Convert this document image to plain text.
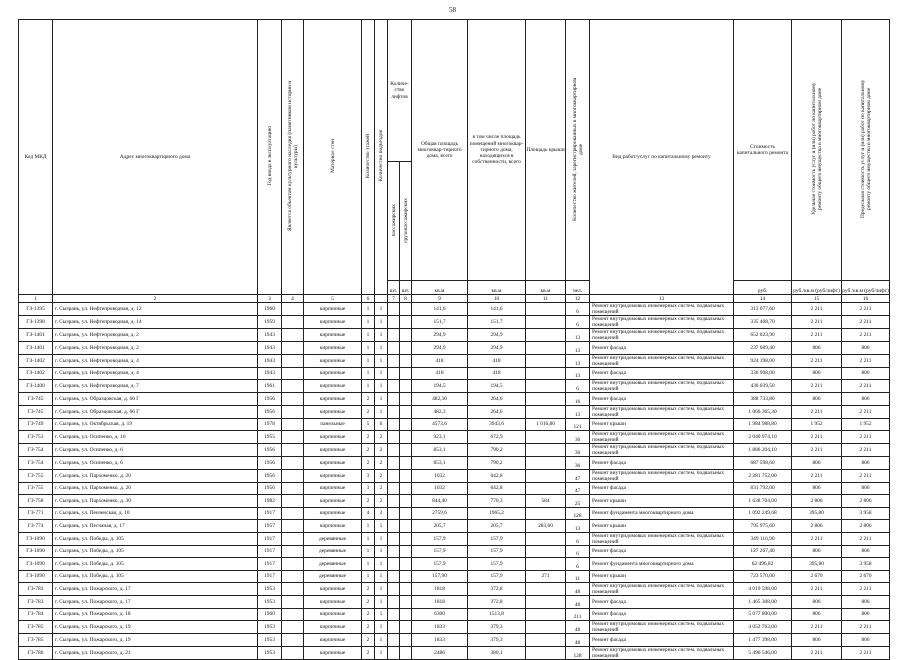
58
Код МКД	Адрес многоквартирного дома	Год ввода в эксплуатацию	Является объектом культурного наследия (памятником истории и культуры)	Материал стен	Количество этажей	Количество подъездов	Количе-ство лифтов		Общая площадь многоквар-тирного дома, всего	в том числе площадь помещений многоквар-тирного дома, находящихся в собственности, всего	Площадь крыши	Количество жителей, зарегистрированных в многоквартирном доме	Вид работ/услуг по капитальному ремонту	Стоимость капитального ремонта	Удельная стоимость услуг и (или) работ по капитальному ремонту общего имущества в многоквартирном доме	Предельная стоимость услуг и (или) работ по капитальному ремонту общего имущества в многоквартирном доме
							пассажирских	грузопассажирских								
							шт.	шт.	кв.м	кв.м	кв.м	чел.		руб.	руб./кв.м (руб/лифт)	руб./кв.м (руб/лифт)
1	2	3	4	5	6		7	8	9	10	11	12	13	14	15	16
ГЗ-1395	г. Сызрань, ул. Нефтепроводная, д. 12	1960		кирпичные	1	1			141,6	141,6		6	Ремонт внутридомовых инженерных систем, подвальных помещений	313 077,60	2 211	2 211
ГЗ-1398	г. Сызрань, ул. Нефтепроводная, д. 14	1959		кирпичные	1	1			151,7	151,7		6	Ремонт внутридомовых инженерных систем, подвальных помещений	335 408,70	2 211	2 211
ГЗ-1401	г. Сызрань, ул. Нефтепроводная, д. 2	1943		кирпичные	1	1			294,9	294,9		13	Ремонт внутридомовых инженерных систем, подвальных помещений	652 023,90	2 211	2 211
ГЗ-1401	г. Сызрань, ул. Нефтепроводная, д. 2	1943		кирпичные	1	1			294,9	294,9		13	Ремонт фасада	237 689,40	806	806
ГЗ-1402	г. Сызрань, ул. Нефтепроводная, д. 4	1943		кирпичные	1	1			418	418		13	Ремонт внутридомовых инженерных систем, подвальных помещений	924 198,00	2 211	2 211
ГЗ-1402	г. Сызрань, ул. Нефтепроводная, д. 4	1943		кирпичные	1	1			418	418		13	Ремонт фасада	336 908,00	806	806
ГЗ-1400	г. Сызрань, ул. Нефтепроводная, д. 7	1961		кирпичные	1	1			194,5	194,5		6	Ремонт внутридомовых инженерных систем, подвальных помещений	430 039,50	2 211	2 211
ГЗ-745	г. Сызрань, ул. Образцовская, д. 66 Г	1956		кирпичные	2	1			482,30	264,6		16	Ремонт фасада	388 733,80	806	806
ГЗ-745	г. Сызрань, ул. Образцовская, д. 66 Г	1956		кирпичные	2	1			482,3	264,6		13	Ремонт внутридомовых инженерных систем, подвальных помещений	1 066 365,30	2 211	2 211
ГЗ-749	г. Сызрань, ул. Октябрьская, д. 19	1978		панельные	5	6			4573,6	3943,6	1 016,80	121	Ремонт крыши	1 984 988,80	1 952	1 952
ГЗ-753	г. Сызрань, ул. Осипенко, д. 16	1955		кирпичные	2	2			923,1	672,9		36	Ремонт внутридомовых инженерных систем, подвальных помещений	2 040 974,10	2 211	2 211
ГЗ-754	г. Сызрань, ул. Осипенко, д. 6	1956		кирпичные	2	2			853,1	790,2		36	Ремонт внутридомовых инженерных систем, подвальных помещений	1 886 204,10	2 211	2 211
ГЗ-754	г. Сызрань, ул. Осипенко, д. 6	1956		кирпичные	2	2			853,1	790,2		36	Ремонт фасада	687 598,60	806	806
ГЗ-755	г. Сызрань, ул. Пархоменко, д. 20	1956		кирпичные	3	2			1032	642,8		47	Ремонт внутридомовых инженерных систем, подвальных помещений	2 281 752,00	2 211	2 211
ГЗ-755	г. Сызрань, ул. Пархоменко, д. 20	1956		кирпичные	3	2			1032	642,8		47	Ремонт фасада	831 792,00	806	806
ГЗ-758	г. Сызрань, ул. Пархоменко, д. 30	1982		кирпичные	2	2			844,40	770,3	584	25	Ремонт крыши	1 638 704,00	2 806	2 806
ГЗ-771	г. Сызрань, ул. Пензенская, д. 10	1917		кирпичные	4	2			2759,6	1965,2		128	Ремонт фундамента многоквартирного дома	1 092 249,68	395,80	3 958
ГЗ-774	г. Сызрань, ул. Песчаная, д. 17	1957		кирпичные	1	1			205,7	205,7	283,60	13	Ремонт крыши	795 975,60	2 806	2 806
ГЗ-1090	г. Сызрань, ул. Победы, д. 105	1917		деревянные	1	1			157,9	157,9		6	Ремонт внутридомовых инженерных систем, подвальных помещений	349 116,90	2 211	2 211
ГЗ-1090	г. Сызрань, ул. Победы, д. 105	1917		деревянные	1	1			157,9	157,9		6	Ремонт фасада	127 267,40	806	806
ГЗ-1090	г. Сызрань, ул. Победы, д. 105	1917		деревянные	1	1			157,9	157,9		6	Ремонт фундамента многоквартирного дома	62 496,82	395,80	3 958
ГЗ-1090	г. Сызрань, ул. Победы, д. 105	1917		деревянные	1	1			157,90	157,9	271	11	Ремонт крыши	723 570,00	2 670	2 670
ГЗ-783	г. Сызрань, ул. Пожарского, д. 17	1953		кирпичные	2	1			1818	372,8		48	Ремонт внутридомовых инженерных систем, подвальных помещений	4 019 598,00	2 211	2 211
ГЗ-783	г. Сызрань, ул. Пожарского, д. 17	1953		кирпичные	2	1			1818	372,8		48	Ремонт фасада	1 465 308,00	806	806
ГЗ-784	г. Сызрань, ул. Пожарского, д. 18	1960		кирпичные	2	1			6300	1513,8		211	Ремонт фасада	5 077 800,00	806	806
ГЗ-785	г. Сызрань, ул. Пожарского, д. 19	1953		кирпичные	2	1			1833	379,3		48	Ремонт внутридомовых инженерных систем, подвальных помещений	4 052 763,00	2 211	2 211
ГЗ-785	г. Сызрань, ул. Пожарского, д. 19	1953		кирпичные	2	1			1833	379,3		48	Ремонт фасада	1 477 398,00	806	806
ГЗ-786	г. Сызрань, ул. Пожарского, д. 21	1953		кирпичные	2	1			2486	380,1		128	Ремонт внутридомовых инженерных систем, подвальных помещений	5 496 546,00	2 211	2 211
